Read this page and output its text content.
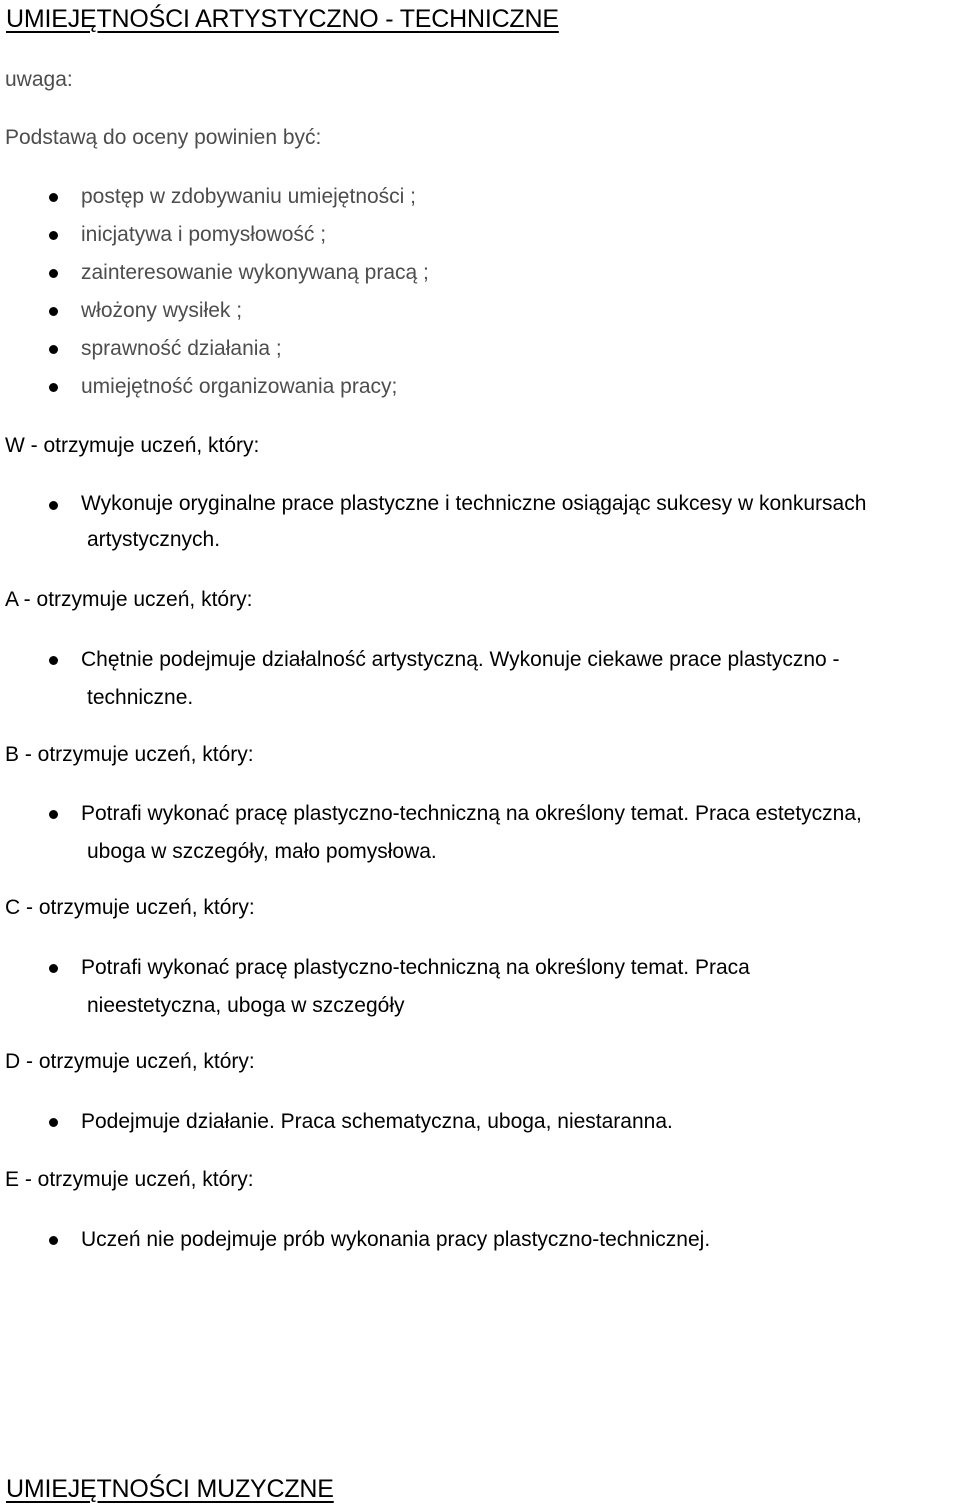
UMIEJĘTNOŚCI ARTYSTYCZNO - TECHNICZNE

uwaga:

Podstawą do oceny powinien być:

postęp w zdobywaniu umiejętności ;
inicjatywa i pomysłowość ;
zainteresowanie wykonywaną pracą ;
włożony wysiłek ;
sprawność działania ;
umiejętność organizowania pracy;

W - otrzymuje uczeń, który:

Wykonuje oryginalne prace plastyczne i techniczne osiągając sukcesy w konkursach
artystycznych.

A - otrzymuje uczeń, który:

Chętnie podejmuje działalność artystyczną. Wykonuje ciekawe prace plastyczno -
techniczne.

B - otrzymuje uczeń, który:

Potrafi wykonać pracę plastyczno-techniczną na określony temat. Praca estetyczna,
uboga w szczegóły, mało pomysłowa.

C - otrzymuje uczeń, który:

Potrafi wykonać pracę plastyczno-techniczną na określony temat. Praca
nieestetyczna, uboga w szczegóły

D - otrzymuje uczeń, który:

Podejmuje działanie. Praca schematyczna, uboga, niestaranna.

E - otrzymuje uczeń, który:

Uczeń nie podejmuje prób wykonania pracy plastyczno-technicznej.
UMIEJĘTNOŚCI MUZYCZNE
